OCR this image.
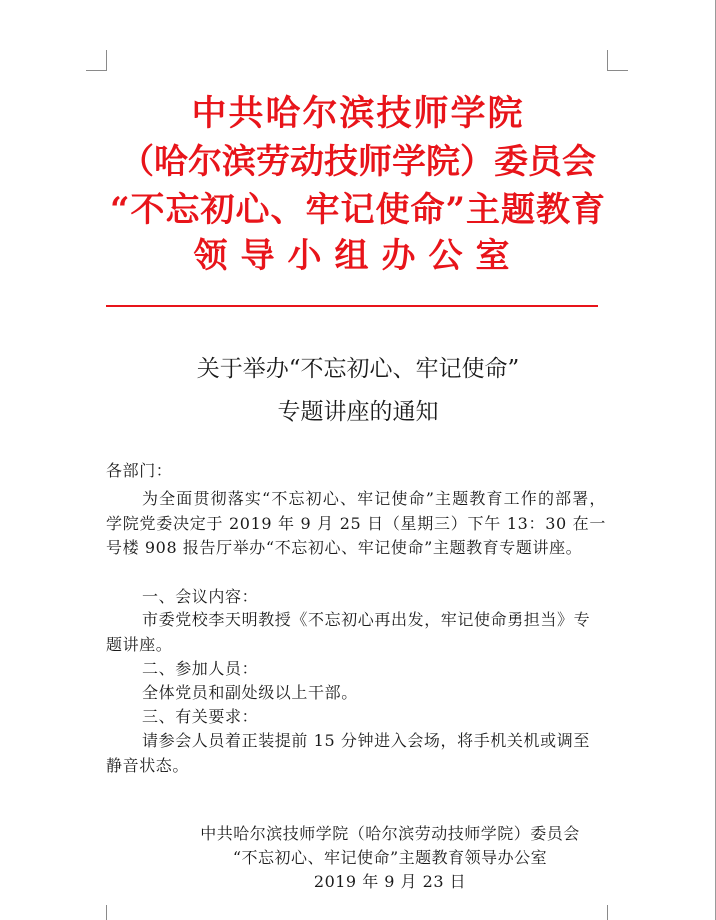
中共哈尔滨技师学院
（哈尔滨劳动技师学院）委员会
“不忘初心、牢记使命”主题教育
领导小组办公室
关于举办“不忘初心、牢记使命”
专题讲座的通知
各部门：
为全面贯彻落实“不忘初心、牢记使命”主题教育工作的部署，学院党委决定于 2019 年 9 月 25 日（星期三）下午 13：30 在一号楼 908 报告厅举办“不忘初心、牢记使命”主题教育专题讲座。
一、会议内容：
市委党校李天明教授《不忘初心再出发，牢记使命勇担当》专题讲座。
二、参加人员：
全体党员和副处级以上干部。
三、有关要求：
请参会人员着正装提前 15 分钟进入会场，将手机关机或调至静音状态。
中共哈尔滨技师学院（哈尔滨劳动技师学院）委员会
“不忘初心、牢记使命”主题教育领导办公室
2019 年 9 月 23 日
